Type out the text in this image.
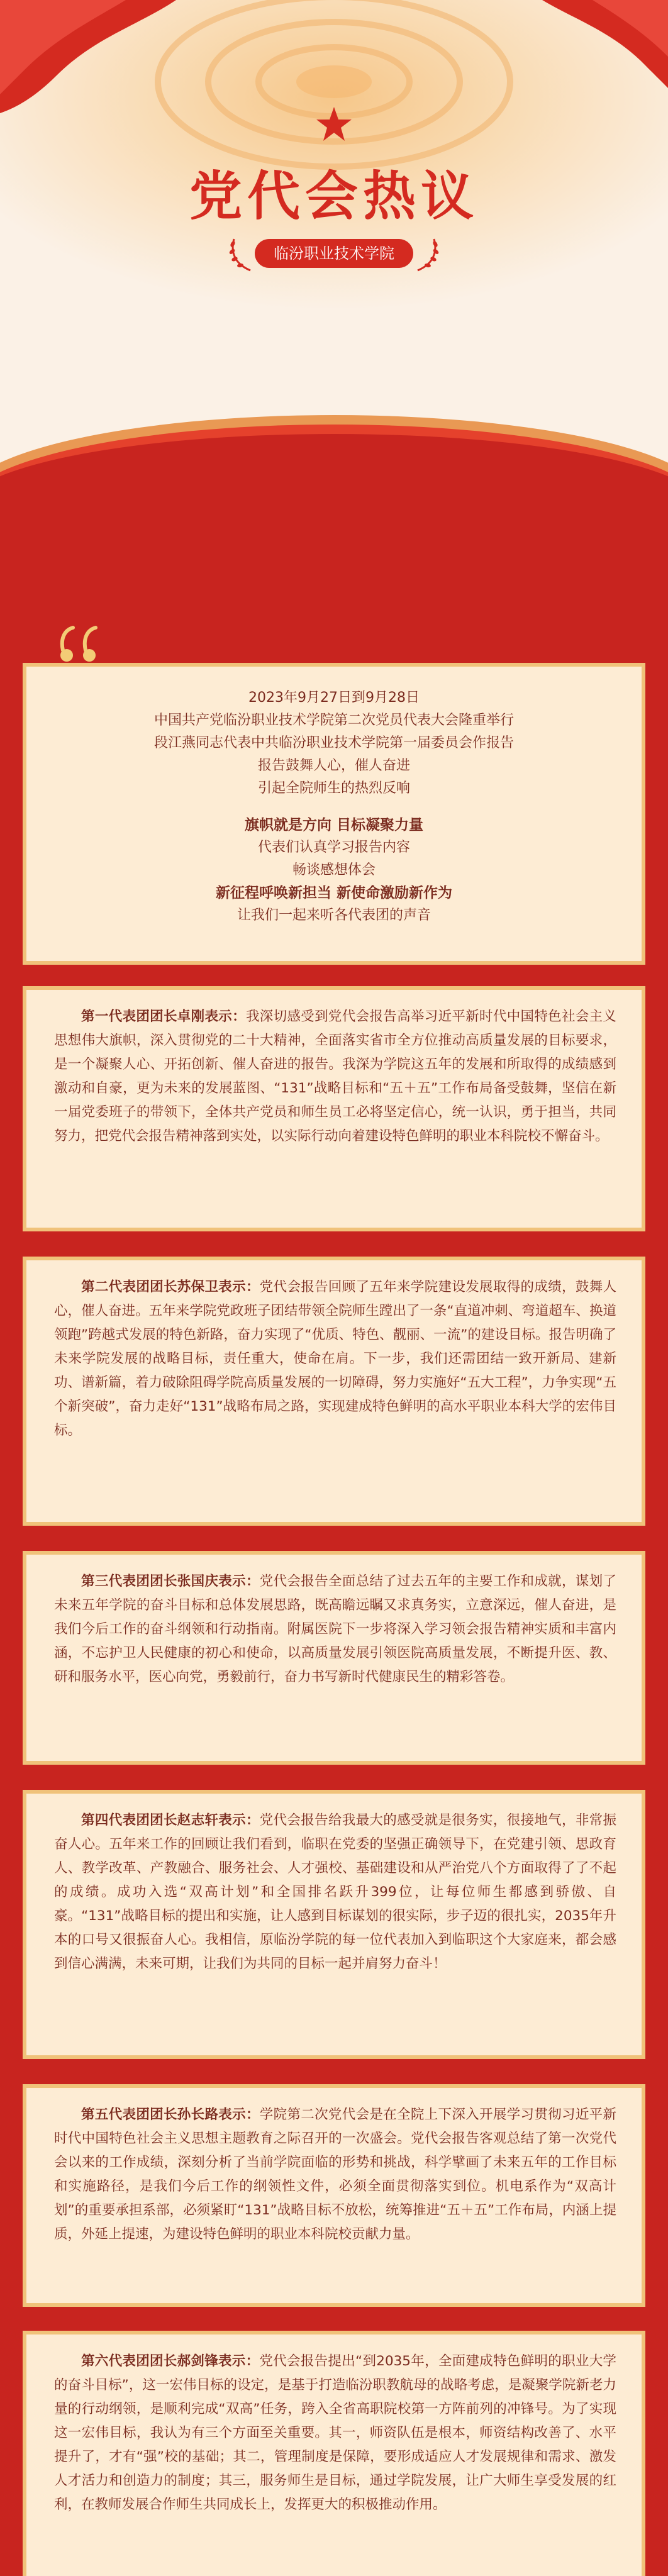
党代会热议
临汾职业技术学院

2023年9月27日到9月28日

中国共产党临汾职业技术学院第二次党员代表大会隆重举行

段江燕同志代表中共临汾职业技术学院第一届委员会作报告

报告鼓舞人心，催人奋进

引起全院师生的热烈反响

旗帜就是方向 目标凝聚力量

代表们认真学习报告内容

畅谈感想体会

新征程呼唤新担当 新使命激励新作为

让我们一起来听各代表团的声音

第一代表团团长卓刚表示：我深切感受到党代会报告高举习近平新时代中国特色社会主义思想伟大旗帜，深入贯彻党的二十大精神，全面落实省市全方位推动高质量发展的目标要求，是一个凝聚人心、开拓创新、催人奋进的报告。我深为学院这五年的发展和所取得的成绩感到激动和自豪，更为未来的发展蓝图、“131”战略目标和“五＋五”工作布局备受鼓舞，坚信在新一届党委班子的带领下，全体共产党员和师生员工必将坚定信心，统一认识，勇于担当，共同努力，把党代会报告精神落到实处，以实际行动向着建设特色鲜明的职业本科院校不懈奋斗。

第二代表团团长苏保卫表示：党代会报告回顾了五年来学院建设发展取得的成绩，鼓舞人心，催人奋进。五年来学院党政班子团结带领全院师生蹚出了一条“直道冲刺、弯道超车、换道领跑”跨越式发展的特色新路，奋力实现了“优质、特色、靓丽、一流”的建设目标。报告明确了未来学院发展的战略目标，责任重大，使命在肩。下一步，我们还需团结一致开新局、建新功、谱新篇，着力破除阻碍学院高质量发展的一切障碍，努力实施好“五大工程”，力争实现“五个新突破”，奋力走好“131”战略布局之路，实现建成特色鲜明的高水平职业本科大学的宏伟目标。

第三代表团团长张国庆表示：党代会报告全面总结了过去五年的主要工作和成就，谋划了未来五年学院的奋斗目标和总体发展思路，既高瞻远瞩又求真务实，立意深远，催人奋进，是我们今后工作的奋斗纲领和行动指南。附属医院下一步将深入学习领会报告精神实质和丰富内涵，不忘护卫人民健康的初心和使命，以高质量发展引领医院高质量发展，不断提升医、教、研和服务水平，医心向党，勇毅前行，奋力书写新时代健康民生的精彩答卷。

第四代表团团长赵志轩表示：党代会报告给我最大的感受就是很务实，很接地气，非常振奋人心。五年来工作的回顾让我们看到，临职在党委的坚强正确领导下，在党建引领、思政育人、教学改革、产教融合、服务社会、人才强校、基础建设和从严治党八个方面取得了了不起的成绩。成功入选“双高计划”和全国排名跃升399位，让每位师生都感到骄傲、自豪。“131”战略目标的提出和实施，让人感到目标谋划的很实际，步子迈的很扎实，2035年升本的口号又很振奋人心。我相信，原临汾学院的每一位代表加入到临职这个大家庭来，都会感到信心满满，未来可期，让我们为共同的目标一起并肩努力奋斗！

第五代表团团长孙长路表示：学院第二次党代会是在全院上下深入开展学习贯彻习近平新时代中国特色社会主义思想主题教育之际召开的一次盛会。党代会报告客观总结了第一次党代会以来的工作成绩，深刻分析了当前学院面临的形势和挑战，科学擘画了未来五年的工作目标和实施路径，是我们今后工作的纲领性文件，必须全面贯彻落实到位。机电系作为“双高计划”的重要承担系部，必须紧盯“131”战略目标不放松，统筹推进“五＋五”工作布局，内涵上提质，外延上提速，为建设特色鲜明的职业本科院校贡献力量。

第六代表团团长郝剑锋表示：党代会报告提出“到2035年，全面建成特色鲜明的职业大学的奋斗目标”，这一宏伟目标的设定，是基于打造临汾职教航母的战略考虑，是凝聚学院新老力量的行动纲领，是顺利完成“双高”任务，跨入全省高职院校第一方阵前列的冲锋号。为了实现这一宏伟目标，我认为有三个方面至关重要。其一，师资队伍是根本，师资结构改善了、水平提升了，才有“强”校的基础；其二，管理制度是保障，要形成适应人才发展规律和需求、激发人才活力和创造力的制度；其三，服务师生是目标，通过学院发展，让广大师生享受发展的红利，在教师发展合作师生共同成长上，发挥更大的积极推动作用。
